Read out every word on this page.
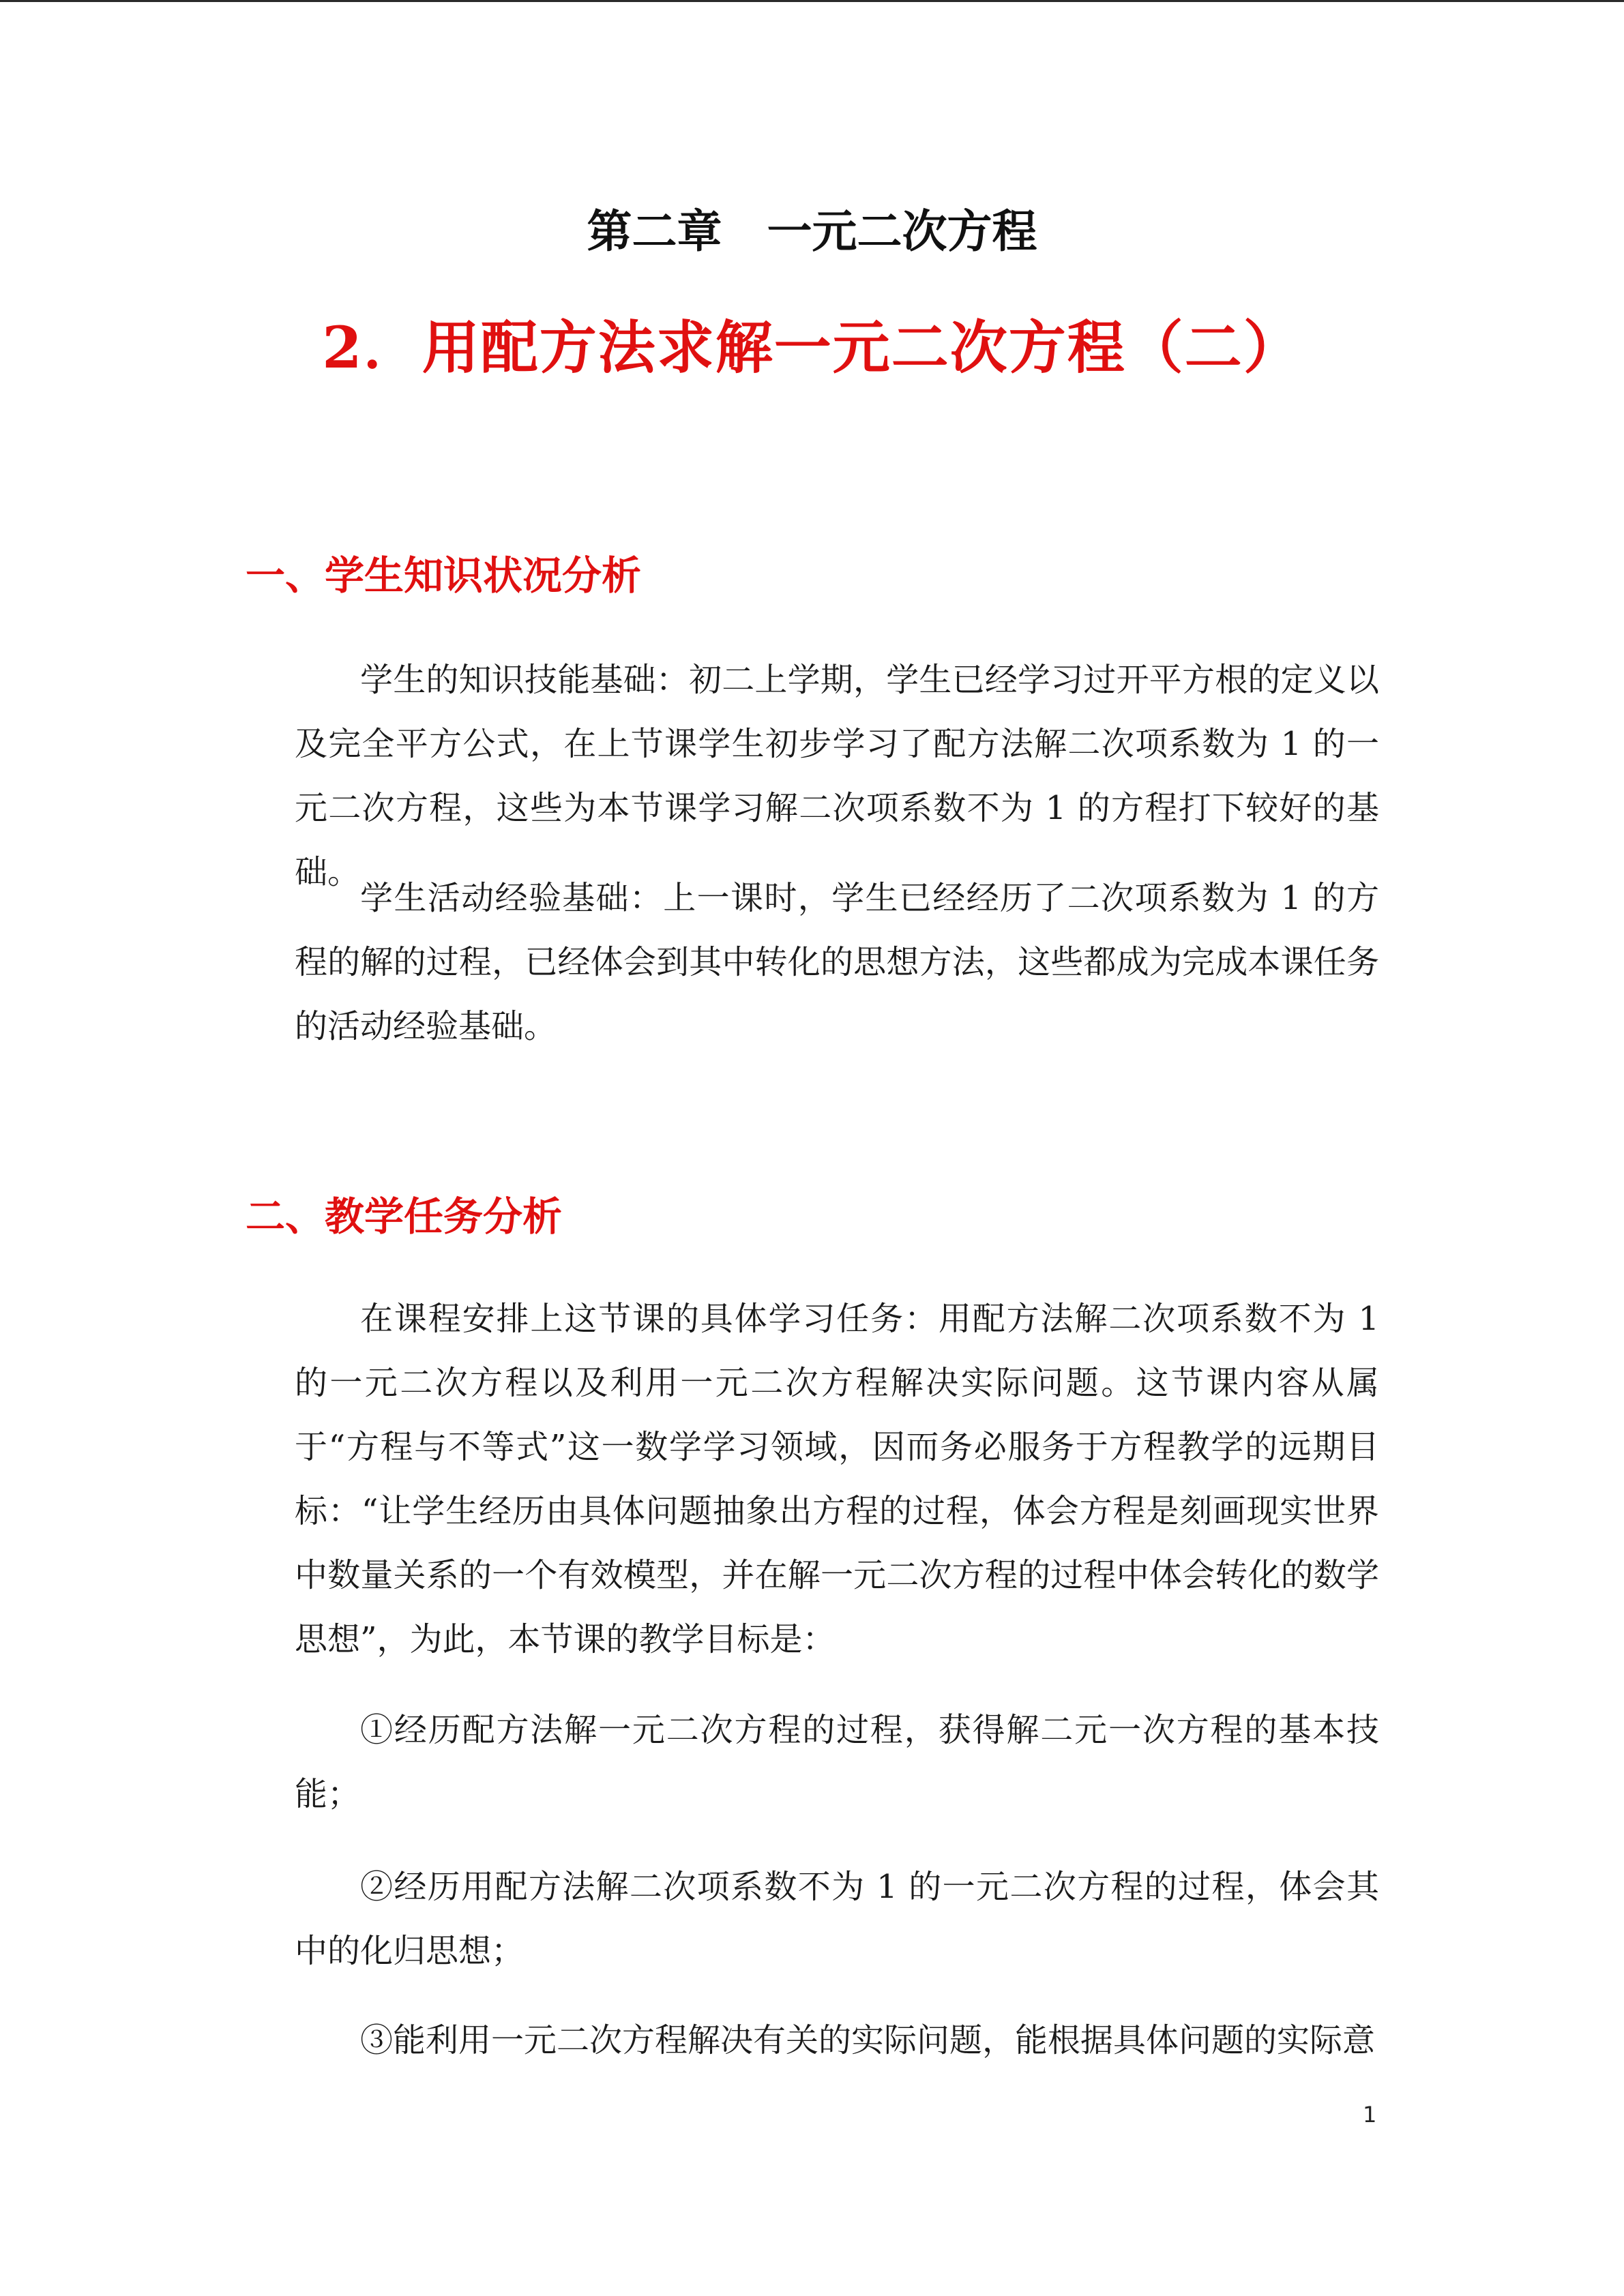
第二章　一元二次方程
2．用配方法求解一元二次方程（二）
一、学生知识状况分析

学生的知识技能基础：初二上学期，学生已经学习过开平方根的定义以及完全平方公式，在上节课学生初步学习了配方法解二次项系数为 1 的一元二次方程，这些为本节课学习解二次项系数不为 1 的方程打下较好的基础。

学生活动经验基础：上一课时，学生已经经历了二次项系数为 1 的方程的解的过程，已经体会到其中转化的思想方法，这些都成为完成本课任务的活动经验基础。

二、教学任务分析

在课程安排上这节课的具体学习任务：用配方法解二次项系数不为 1 的一元二次方程以及利用一元二次方程解决实际问题。这节课内容从属于“方程与不等式”这一数学学习领域，因而务必服务于方程教学的远期目标：“让学生经历由具体问题抽象出方程的过程，体会方程是刻画现实世界中数量关系的一个有效模型，并在解一元二次方程的过程中体会转化的数学思想”，为此，本节课的教学目标是：

①经历配方法解一元二次方程的过程，获得解二元一次方程的基本技能；

②经历用配方法解二次项系数不为 1 的一元二次方程的过程，体会其中的化归思想；

③能利用一元二次方程解决有关的实际问题，能根据具体问题的实际意

1
